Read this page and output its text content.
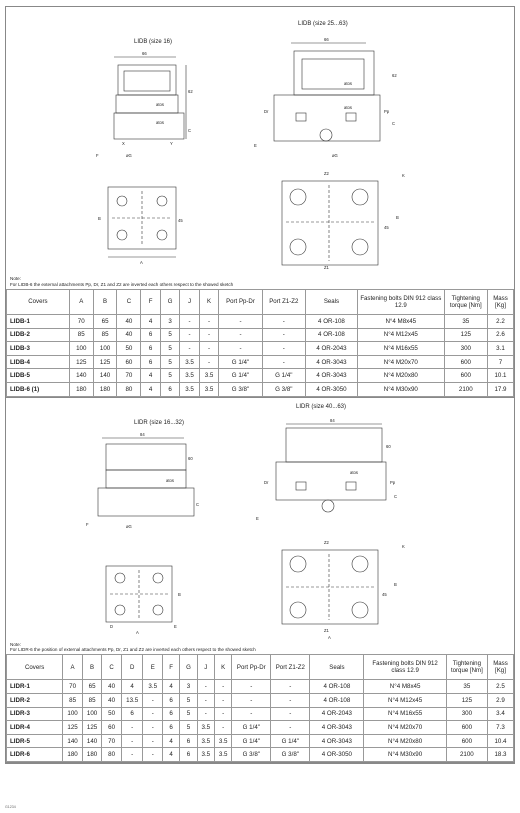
LIDB (size 16)
66
atos
atos
62
C
X	Y
F	øG
A
B	45
LIDB (size 25...63)
66
atos
atos
Dr	Pp
62
C
E
øG
Z2
Z1
B
45
K
Note:
For LIDB-6 the external attachments Pp, Dr, Z1 and Z2 are inverted each others respect to the showed sketch
Covers	A	B	C	F	G	J	K	Port Pp-Dr	Port Z1-Z2	Seals	Fastening bolts DIN 912 class 12.9	Tightening torque [Nm]	Mass [Kg]
LIDB-1	70	65	40	4	3	-	-	-	-	4 OR-108	N°4 M8x45	35	2.2
LIDB-2	85	85	40	6	5	-	-	-	-	4 OR-108	N°4 M12x45	125	2.6
LIDB-3	100	100	50	6	5	-	-	-	-	4 OR-2043	N°4 M16x55	300	3.1
LIDB-4	125	125	60	6	5	3.5	-	G 1/4"	-	4 OR-3043	N°4 M20x70	600	7
LIDB-5	140	140	70	4	5	3.5	3.5	G 1/4"	G 1/4"	4 OR-3043	N°4 M20x80	600	10.1
LIDB-6 (1)	180	180	80	4	6	3.5	3.5	G 3/8"	G 3/8"	4 OR-3050	N°4 M30x90	2100	17.9
LIDR (size 16...32)
84
60
atos
C
F	øG
A
D	E
B
LIDR (size 40...63)
84
60
atos
Dr	Pp
C
E
Z2
Z1
A
B
45
K
Note:
For LIDR-6 the position of external attachments Pp, Dr, Z1 and Z2 are inverted each others respect to the showed sketch
Covers	A	B	C	D	E	F	G	J	K	Port Pp-Dr	Port Z1-Z2	Seals	Fastening bolts DIN 912 class 12.9	Tightening torque [Nm]	Mass [Kg]
LIDR-1	70	65	40	4	3.5	4	3	-	-	-	-	4 OR-108	N°4 M8x45	35	2.5
LIDR-2	85	85	40	13.5	-	6	5	-	-	-	-	4 OR-108	N°4 M12x45	125	2.9
LIDR-3	100	100	50	6	-	6	5	-	-	-	-	4 OR-2043	N°4 M16x55	300	3.4
LIDR-4	125	125	60	-	-	6	5	3.5	-	G 1/4"	-	4 OR-3043	N°4 M20x70	600	7.3
LIDR-5	140	140	70	-	-	4	6	3.5	3.5	G 1/4"	G 1/4"	4 OR-3043	N°4 M20x80	600	10.4
LIDR-6	180	180	80	-	-	4	6	3.5	3.5	G 3/8"	G 3/8"	4 OR-3050	N°4 M30x90	2100	18.3
G1234
